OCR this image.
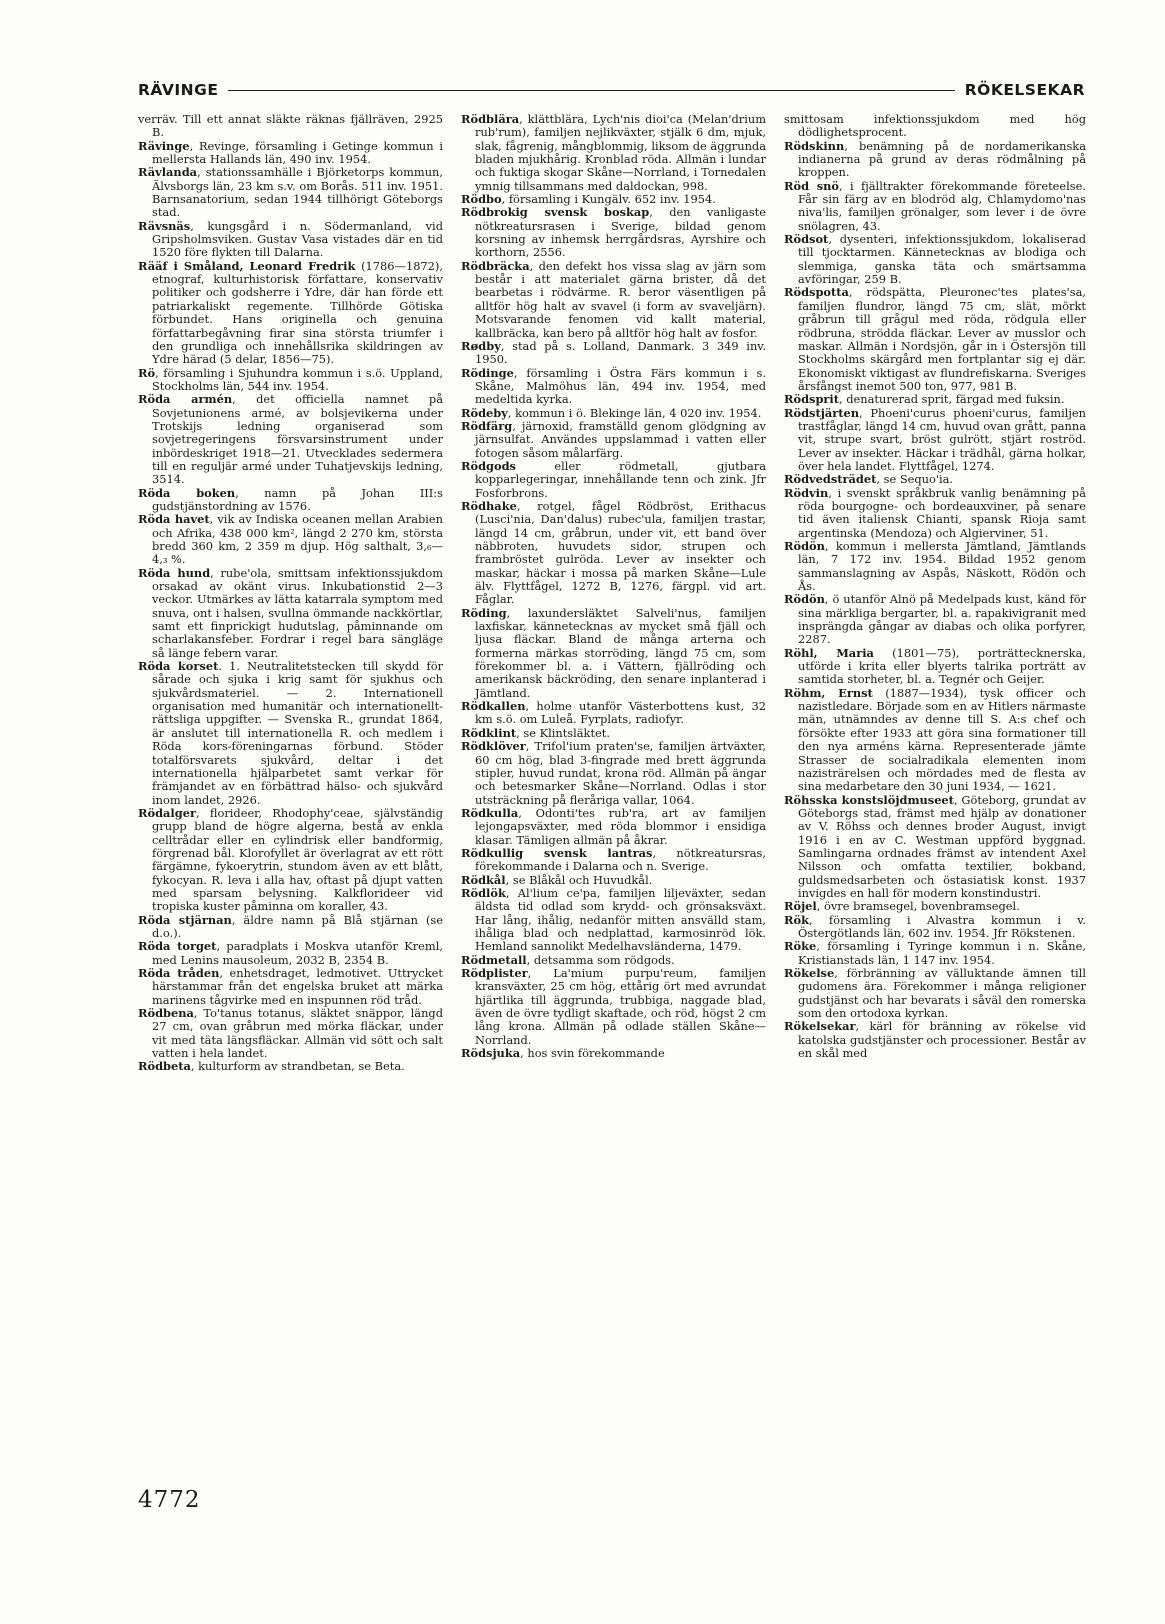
RÄVINGE	RÖKELSEKAR

verräv. Till ett annat släkte räknas fjällräven, 2925 B.

Rävinge, Revinge, församling i Getinge kommun i mellersta Hallands län, 490 inv. 1954.

Rävlanda, stationssamhälle i Björketorps kommun, Älvsborgs län, 23 km s.v. om Borås. 511 inv. 1951. Barnsanatorium, sedan 1944 tillhörigt Göteborgs stad.

Rävsnäs, kungsgård i n. Södermanland, vid Gripsholmsviken. Gustav Vasa vistades där en tid 1520 före flykten till Dalarna.

Rääf i Småland, Leonard Fredrik (1786—1872), etnograf, kulturhistorisk författare, konservativ politiker och godsherre i Ydre, där han förde ett patriarkaliskt regemente. Tillhörde Götiska förbundet. Hans originella och genuina författarbegåvning firar sina största triumfer i den grundliga och innehållsrika skildringen av Ydre härad (5 delar, 1856—75).

Rö, församling i Sjuhundra kommun i s.ö. Uppland, Stockholms län, 544 inv. 1954.

Röda armén, det officiella namnet på Sovjetunionens armé, av bolsjevikerna under Trotskijs ledning organiserad som sovjetregeringens försvarsinstrument under inbördeskriget 1918—21. Utvecklades sedermera till en reguljär armé under Tuhatjevskijs ledning, 3514.

Röda boken, namn på Johan III:s gudstjänstordning av 1576.

Röda havet, vik av Indiska oceanen mellan Arabien och Afrika, 438 000 km², längd 2 270 km, största bredd 360 km, 2 359 m djup. Hög salthalt, 3,₆—4,₃ %.

Röda hund, rube'ola, smittsam infektionssjukdom orsakad av okänt virus. Inkubationstid 2—3 veckor. Utmärkes av lätta katarrala symptom med snuva, ont i halsen, svullna ömmande nackkörtlar, samt ett finprickigt hudutslag, påminnande om scharlakansfeber. Fordrar i regel bara sängläge så länge febern varar.

Röda korset. 1. Neutralitetstecken till skydd för sårade och sjuka i krig samt för sjukhus och sjukvårdsmateriel. — 2. Internationell organisation med humanitär och internationellt-rättsliga uppgifter. — Svenska R., grundat 1864, är anslutet till internationella R. och medlem i Röda kors-föreningarnas förbund. Stöder totalförsvarets sjukvård, deltar i det internationella hjälparbetet samt verkar för främjandet av en förbättrad hälso- och sjukvård inom landet, 2926.

Rödalger, florideer, Rhodophy'ceae, självständig grupp bland de högre algerna, bestå av enkla celltrådar eller en cylindrisk eller bandformig, förgrenad bål. Klorofyllet är överlagrat av ett rött färgämne, fykoerytrin, stundom även av ett blått, fykocyan. R. leva i alla hav, oftast på djupt vatten med sparsam belysning. Kalkflorideer vid tropiska kuster påminna om koraller, 43.

Röda stjärnan, äldre namn på Blå stjärnan (se d.o.).

Röda torget, paradplats i Moskva utanför Kreml, med Lenins mausoleum, 2032 B, 2354 B.

Röda tråden, enhetsdraget, ledmotivet. Uttrycket härstammar från det engelska bruket att märka marinens tågvirke med en inspunnen röd tråd.

Rödbena, To'tanus totanus, släktet snäppor, längd 27 cm, ovan gråbrun med mörka fläckar, under vit med täta längsfläckar. Allmän vid sött och salt vatten i hela landet.

Rödbeta, kulturform av strandbetan, se Beta.

Rödblära, klättblära, Lych'nis dioi'ca (Melan'drium rub'rum), familjen nejlikväxter, stjälk 6 dm, mjuk, slak, fågrenig, mångblommig, liksom de äggrunda bladen mjukhårig. Kronblad röda. Allmän i lundar och fuktiga skogar Skåne—Norrland, i Tornedalen ymnig tillsammans med daldockan, 998.

Rödbo, församling i Kungälv. 652 inv. 1954.

Rödbrokig svensk boskap, den vanligaste nötkreatursrasen i Sverige, bildad genom korsning av inhemsk herrgårdsras, Ayrshire och korthorn, 2556.

Rödbräcka, den defekt hos vissa slag av järn som består i att materialet gärna brister, då det bearbetas i rödvärme. R. beror väsentligen på alltför hög halt av svavel (i form av svaveljärn). Motsvarande fenomen vid kallt material, kallbräcka, kan bero på alltför hög halt av fosfor.

Rødby, stad på s. Lolland, Danmark. 3 349 inv. 1950.

Rödinge, församling i Östra Färs kommun i s. Skåne, Malmöhus län, 494 inv. 1954, med medeltida kyrka.

Rödeby, kommun i ö. Blekinge län, 4 020 inv. 1954.

Rödfärg, järnoxid, framställd genom glödgning av järnsulfat. Användes uppslammad i vatten eller fotogen såsom målarfärg.

Rödgods eller rödmetall, gjutbara kopparlegeringar, innehållande tenn och zink. Jfr Fosforbrons.

Rödhake, rotgel, fågel Rödbröst, Erithacus (Lusci'nia, Dan'dalus) rubec'ula, familjen trastar, längd 14 cm, gråbrun, under vit, ett band över näbbroten, huvudets sidor, strupen och frambröstet gulröda. Lever av insekter och maskar, häckar i mossa på marken Skåne—Lule älv. Flyttfågel, 1272 B, 1276, färgpl. vid art. Fåglar.

Röding, laxundersläktet Salveli'nus, familjen laxfiskar, kännetecknas av mycket små fjäll och ljusa fläckar. Bland de många arterna och formerna märkas storröding, längd 75 cm, som förekommer bl. a. i Vättern, fjällröding och amerikansk bäckröding, den senare inplanterad i Jämtland.

Rödkallen, holme utanför Västerbottens kust, 32 km s.ö. om Luleå. Fyrplats, radiofyr.

Rödklint, se Klintsläktet.

Rödklöver, Trifol'ium praten'se, familjen ärtväxter, 60 cm hög, blad 3-fingrade med brett äggrunda stipler, huvud rundat, krona röd. Allmän på ängar och betesmarker Skåne—Norrland. Odlas i stor utsträckning på fleråriga vallar, 1064.

Rödkulla, Odonti'tes rub'ra, art av familjen lejongapsväxter, med röda blommor i ensidiga klasar. Tämligen allmän på åkrar.

Rödkullig svensk lantras, nötkreatursras, förekommande i Dalarna och n. Sverige.

Rödkål, se Blåkål och Huvudkål.

Rödlök, Al'lium ce'pa, familjen liljeväxter, sedan äldsta tid odlad som krydd- och grönsaksväxt. Har lång, ihålig, nedanför mitten ansvälld stam, ihåliga blad och nedplattad, karmosinröd lök. Hemland sannolikt Medelhavsländerna, 1479.

Rödmetall, detsamma som rödgods.

Rödplister, La'mium purpu'reum, familjen kransväxter, 25 cm hög, ettårig ört med avrundat hjärtlika till äggrunda, trubbiga, naggade blad, även de övre tydligt skaftade, och röd, högst 2 cm lång krona. Allmän på odlade ställen Skåne—Norrland.

Rödsjuka, hos svin förekommande

smittosam infektionssjukdom med hög dödlighetsprocent.

Rödskinn, benämning på de nordamerikanska indianerna på grund av deras rödmålning på kroppen.

Röd snö, i fjälltrakter förekommande företeelse. Får sin färg av en blodröd alg, Chlamydomo'nas niva'lis, familjen grönalger, som lever i de övre snölagren, 43.

Rödsot, dysenteri, infektionssjukdom, lokaliserad till tjocktarmen. Kännetecknas av blodiga och slemmiga, ganska täta och smärtsamma avföringar, 259 B.

Rödspotta, rödspätta, Pleuronec'tes plates'sa, familjen flundror, längd 75 cm, slät, mörkt gråbrun till grågul med röda, rödgula eller rödbruna, strödda fläckar. Lever av musslor och maskar. Allmän i Nordsjön, går in i Östersjön till Stockholms skärgård men fortplantar sig ej där. Ekonomiskt viktigast av flundrefiskarna. Sveriges årsfångst inemot 500 ton, 977, 981 B.

Rödsprit, denaturerad sprit, färgad med fuksin.

Rödstjärten, Phoeni'curus phoeni'curus, familjen trastfåglar, längd 14 cm, huvud ovan grått, panna vit, strupe svart, bröst gulrött, stjärt roströd. Lever av insekter. Häckar i trädhål, gärna holkar, över hela landet. Flyttfågel, 1274.

Rödvedsträdet, se Sequo'ia.

Rödvin, i svenskt språkbruk vanlig benämning på röda bourgogne- och bordeauxviner, på senare tid även italiensk Chianti, spansk Rioja samt argentinska (Mendoza) och Algierviner, 51.

Rödön, kommun i mellersta Jämtland, Jämtlands län, 7 172 inv. 1954. Bildad 1952 genom sammanslagning av Aspås, Näskott, Rödön och Ås.

Rödön, ö utanför Alnö på Medelpads kust, känd för sina märkliga bergarter, bl. a. rapakivigranit med insprängda gångar av diabas och olika porfyrer, 2287.

Röhl, Maria (1801—75), porträttecknerska, utförde i krita eller blyerts talrika porträtt av samtida storheter, bl. a. Tegnér och Geijer.

Röhm, Ernst (1887—1934), tysk officer och nazistledare. Började som en av Hitlers närmaste män, utnämndes av denne till S. A:s chef och försökte efter 1933 att göra sina formationer till den nya arméns kärna. Representerade jämte Strasser de socialradikala elementen inom nazisträrelsen och mördades med de flesta av sina medarbetare den 30 juni 1934, — 1621.

Röhsska konstslöjdmuseet, Göteborg, grundat av Göteborgs stad, främst med hjälp av donationer av V. Röhss och dennes broder August, invigt 1916 i en av C. Westman uppförd byggnad. Samlingarna ordnades främst av intendent Axel Nilsson och omfatta textilier, bokband, guldsmedsarbeten och östasiatisk konst. 1937 invigdes en hall för modern konstindustri.

Röjel, övre bramsegel, bovenbramsegel.

Rök, församling i Alvastra kommun i v. Östergötlands län, 602 inv. 1954. Jfr Rökstenen.

Röke, församling i Tyringe kommun i n. Skåne, Kristianstads län, 1 147 inv. 1954.

Rökelse, förbränning av välluktande ämnen till gudomens ära. Förekommer i många religioner gudstjänst och har bevarats i såväl den romerska som den ortodoxa kyrkan.

Rökelsekar, kärl för bränning av rökelse vid katolska gudstjänster och processioner. Består av en skål med

4772
